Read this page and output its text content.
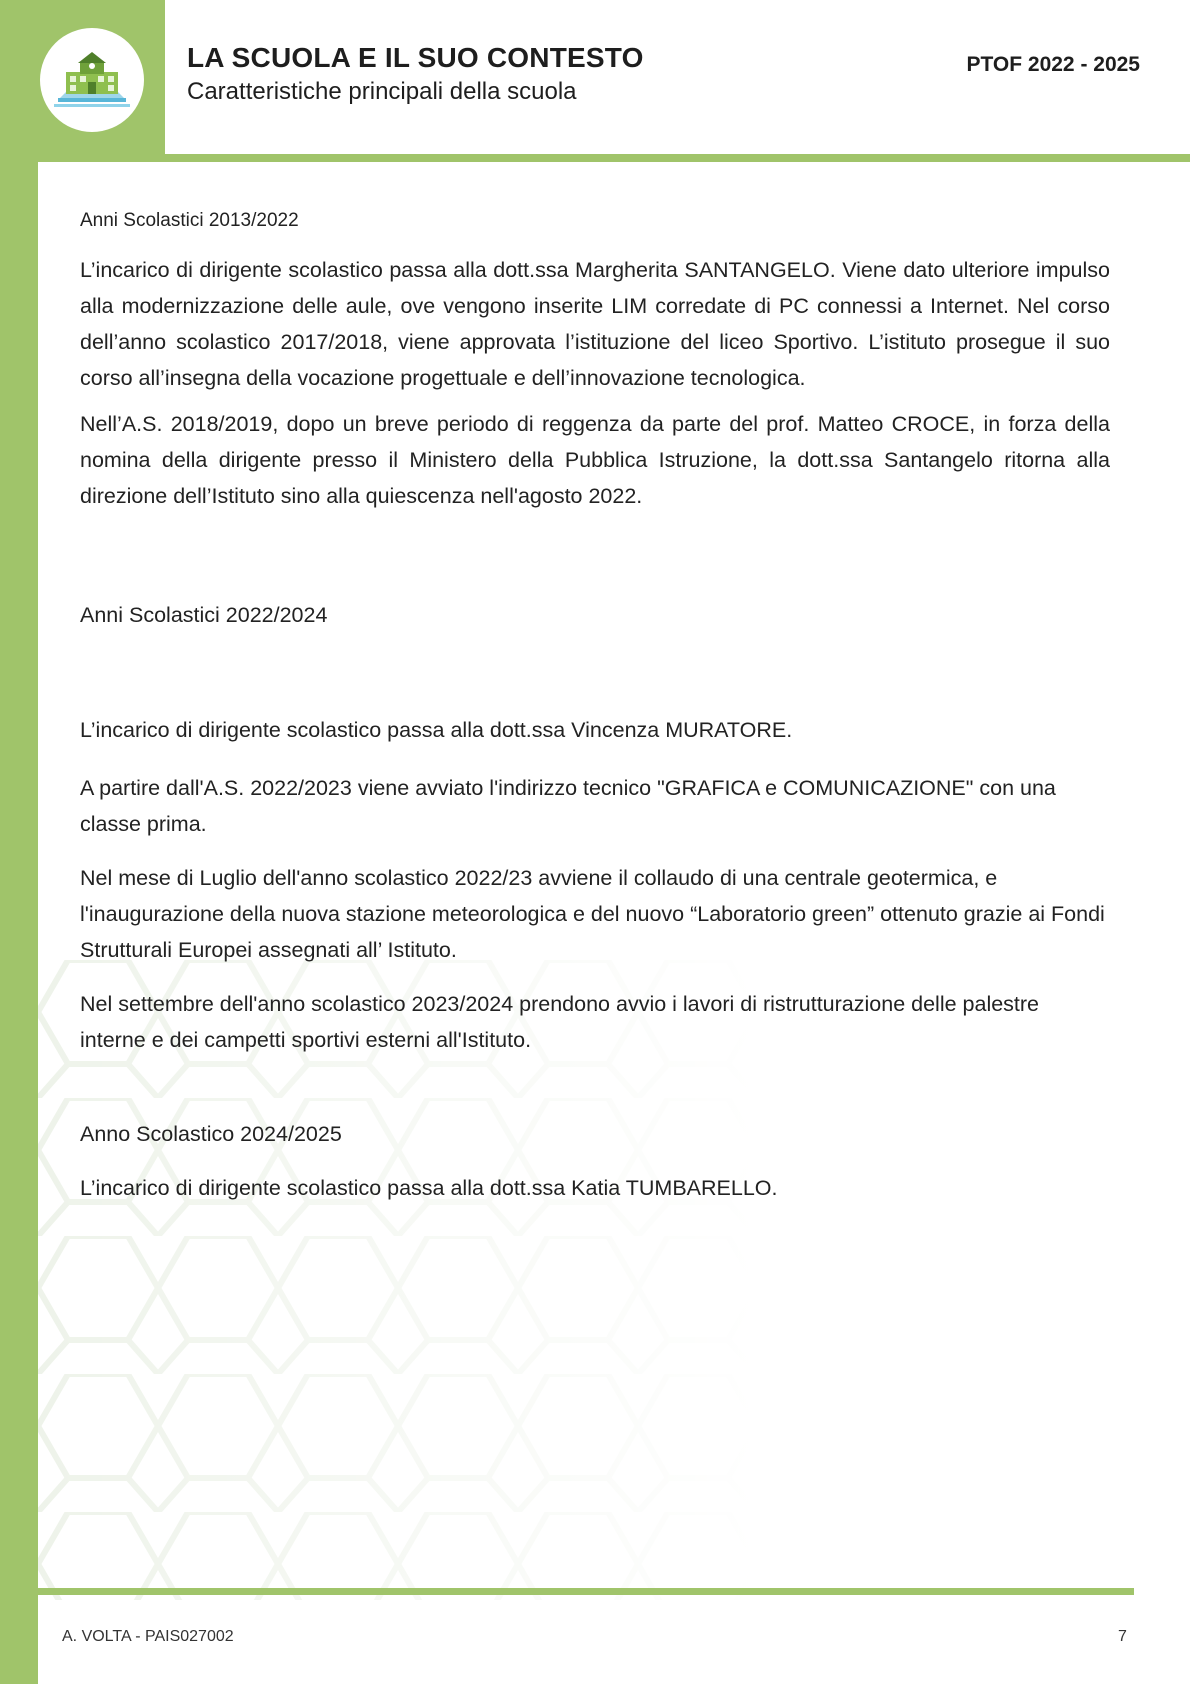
LA SCUOLA E IL SUO CONTESTO
Caratteristiche principali della scuola
PTOF 2022 - 2025

Anni Scolastici 2013/2022

L’incarico di dirigente scolastico passa alla dott.ssa Margherita SANTANGELO. Viene dato ulteriore impulso alla modernizzazione delle aule, ove vengono inserite LIM corredate di PC connessi a Internet. Nel corso dell’anno scolastico 2017/2018, viene approvata l’istituzione del liceo Sportivo. L’istituto prosegue il suo corso all’insegna della vocazione progettuale e dell’innovazione tecnologica.

Nell’A.S. 2018/2019, dopo un breve periodo di reggenza da parte del prof. Matteo CROCE, in forza della nomina della dirigente presso il Ministero della Pubblica Istruzione, la dott.ssa Santangelo ritorna alla direzione dell’Istituto sino alla quiescenza nell'agosto 2022.

Anni Scolastici 2022/2024

L’incarico di dirigente scolastico passa alla dott.ssa Vincenza MURATORE.

A partire dall'A.S. 2022/2023 viene avviato l'indirizzo tecnico "GRAFICA e COMUNICAZIONE" con una classe prima.

Nel mese di Luglio dell'anno scolastico 2022/23 avviene il collaudo di una centrale geotermica, e l'inaugurazione della nuova stazione meteorologica e del nuovo “Laboratorio green” ottenuto grazie ai Fondi Strutturali Europei assegnati all’ Istituto.

Nel settembre dell'anno scolastico 2023/2024 prendono avvio i lavori di ristrutturazione delle palestre interne e dei campetti sportivi esterni all'Istituto.

Anno Scolastico 2024/2025

L’incarico di dirigente scolastico passa alla dott.ssa Katia TUMBARELLO.

A. VOLTA - PAIS027002	7
